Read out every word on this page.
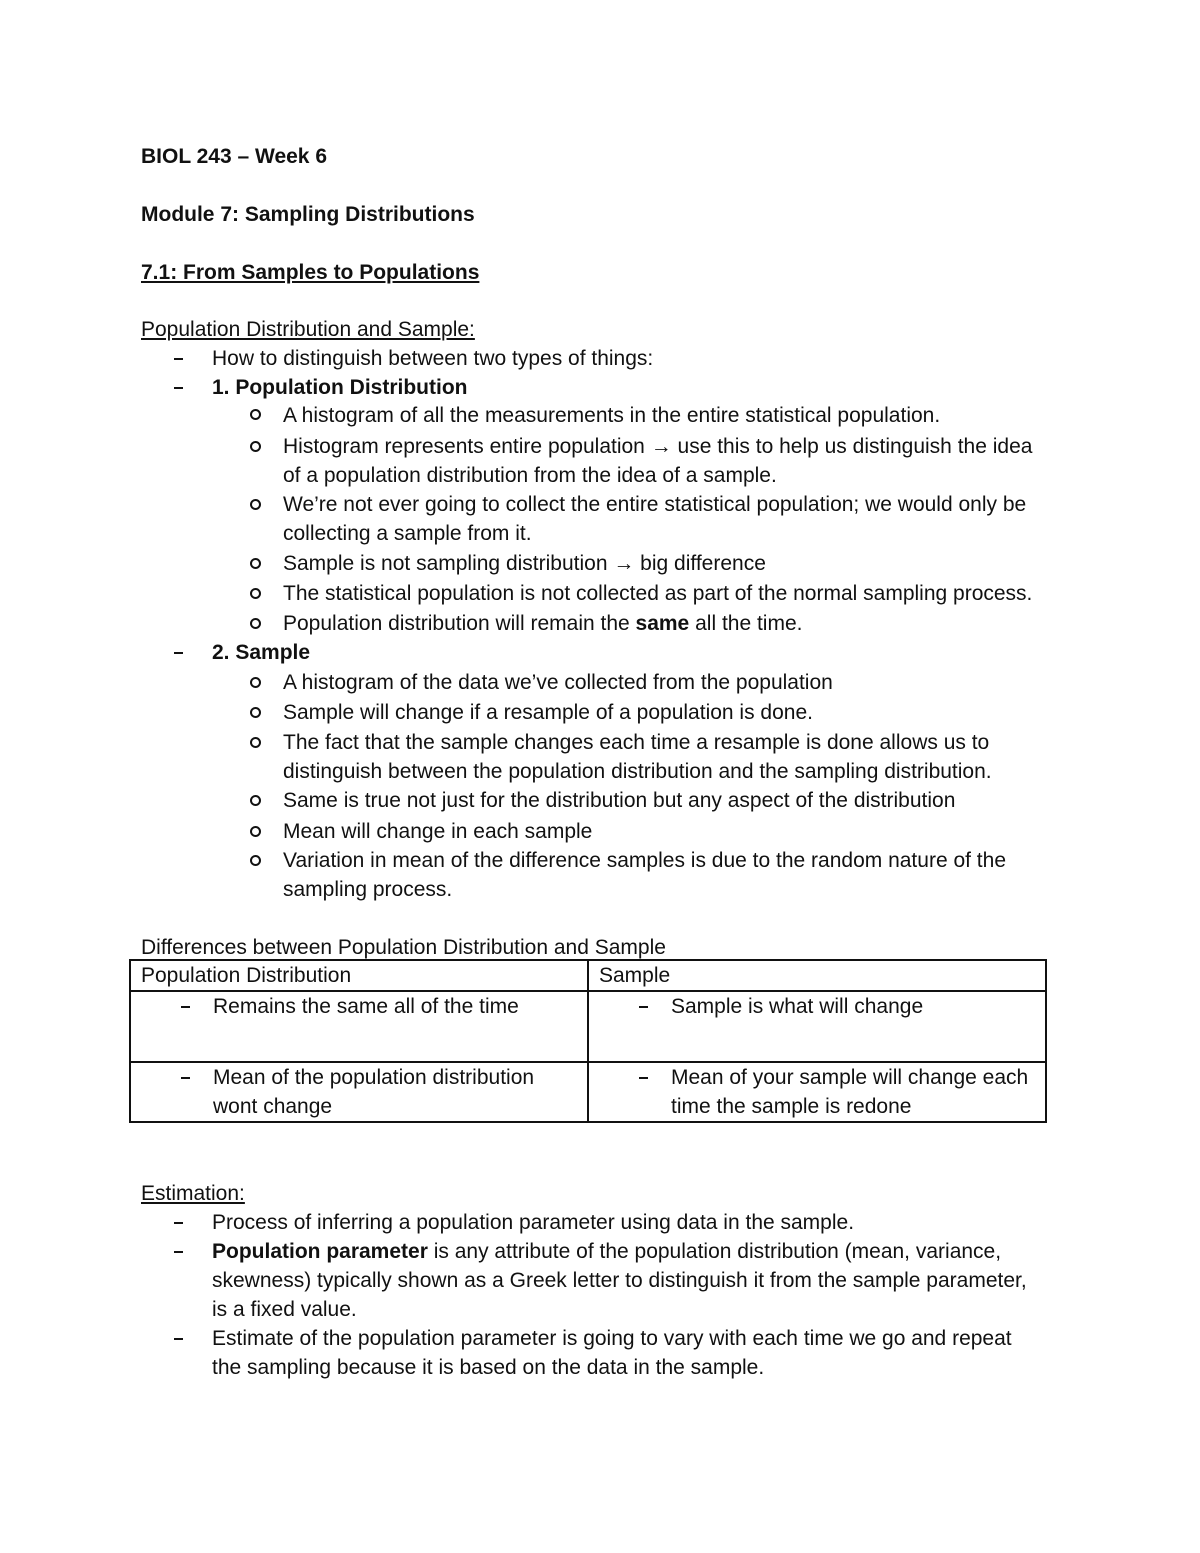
BIOL 243 – Week 6
Module 7: Sampling Distributions
7.1: From Samples to Populations
Population Distribution and Sample:
How to distinguish between two types of things:
1. Population Distribution
A histogram of all the measurements in the entire statistical population.
Histogram represents entire population → use this to help us distinguish the idea
of a population distribution from the idea of a sample.
We’re not ever going to collect the entire statistical population; we would only be
collecting a sample from it.
Sample is not sampling distribution → big difference
The statistical population is not collected as part of the normal sampling process.
Population distribution will remain the same all the time.
2. Sample
A histogram of the data we’ve collected from the population
Sample will change if a resample of a population is done.
The fact that the sample changes each time a resample is done allows us to
distinguish between the population distribution and the sampling distribution.
Same is true not just for the distribution but any aspect of the distribution
Mean will change in each sample
Variation in mean of the difference samples is due to the random nature of the
sampling process.
Differences between Population Distribution and Sample
Population Distribution	Sample

Remains the same all of the time	Sample is what will change

Mean of the population distribution wont change	Mean of your sample will change each time the sample is redone
Estimation:
Process of inferring a population parameter using data in the sample.
Population parameter is any attribute of the population distribution (mean, variance,
skewness) typically shown as a Greek letter to distinguish it from the sample parameter,
is a fixed value.
Estimate of the population parameter is going to vary with each time we go and repeat
the sampling because it is based on the data in the sample.
